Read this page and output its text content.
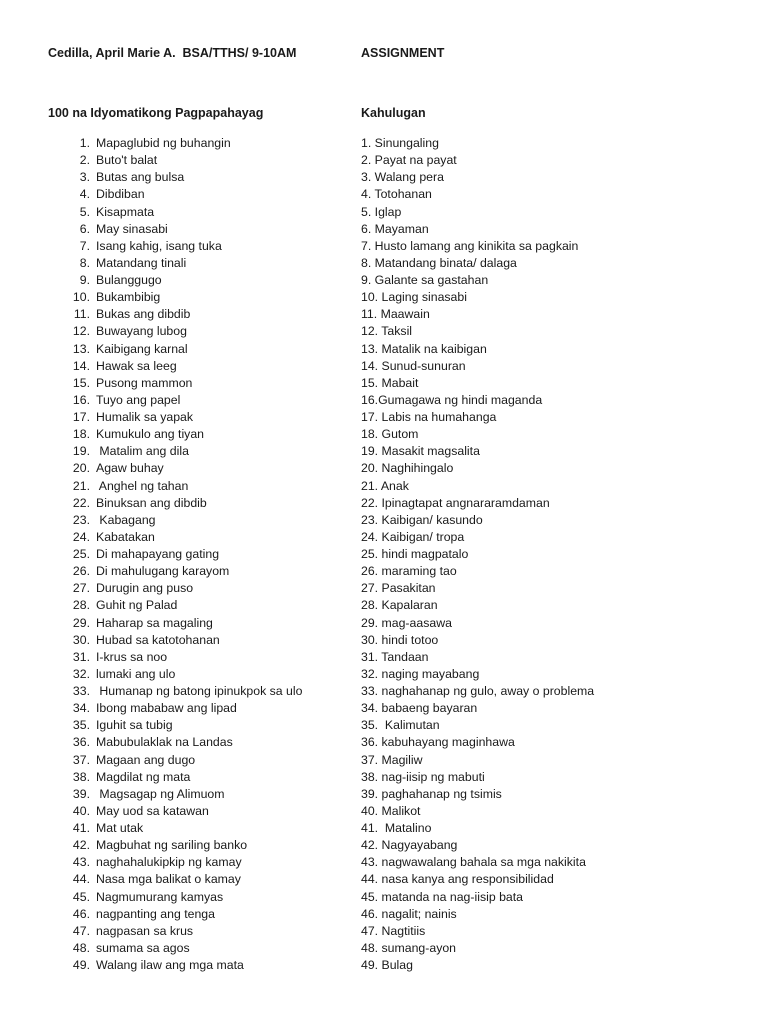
Cedilla, April Marie A.  BSA/TTHS/ 9-10AM	ASSIGNMENT
100 na Idyomatikong Pagpapahayag	Kahulugan
1. Mapaglubid ng buhangin
2. Buto't balat
3. Butas ang bulsa
4. Dibdiban
5. Kisapmata
6. May sinasabi
7. Isang kahig, isang tuka
8. Matandang tinali
9. Bulanggugo
10. Bukambibig
11. Bukas ang dibdib
12. Buwayang lubog
13. Kaibigang karnal
14. Hawak sa leeg
15. Pusong mammon
16. Tuyo ang papel
17. Humalik sa yapak
18. Kumukulo ang tiyan
19. Matalim ang dila
20. Agaw buhay
21. Anghel ng tahan
22. Binuksan ang dibdib
23. Kabagang
24. Kabatakan
25. Di mahapayang gating
26. Di mahulugang karayom
27. Durugin ang puso
28. Guhit ng Palad
29. Haharap sa magaling
30. Hubad sa katotohanan
31. I-krus sa noo
32. lumaki ang ulo
33. Humanap ng batong ipinukpok sa ulo
34. Ibong mababaw ang lipad
35. Iguhit sa tubig
36. Mabubulaklak na Landas
37. Magaan ang dugo
38. Magdilat ng mata
39. Magsagap ng Alimuom
40. May uod sa katawan
41. Mat utak
42. Magbuhat ng sariling banko
43. naghahalukipkip ng kamay
44. Nasa mga balikat o kamay
45. Nagmumurang kamyas
46. nagpanting ang tenga
47. nagpasan sa krus
48. sumama sa agos
49. Walang ilaw ang mga mata
1. Sinungaling
2. Payat na payat
3. Walang pera
4. Totohanan
5. Iglap
6. Mayaman
7. Husto lamang ang kinikita sa pagkain
8. Matandang binata/ dalaga
9. Galante sa gastahan
10. Laging sinasabi
11. Maawain
12. Taksil
13. Matalik na kaibigan
14. Sunud-sunuran
15. Mabait
16.Gumagawa ng hindi maganda
17. Labis na humahanga
18. Gutom
19. Masakit magsalita
20. Naghihingalo
21. Anak
22. Ipinagtapat angnararamdaman
23. Kaibigan/ kasundo
24. Kaibigan/ tropa
25. hindi magpatalo
26. maraming tao
27. Pasakitan
28. Kapalaran
29. mag-aasawa
30. hindi totoo
31. Tandaan
32. naging mayabang
33. naghahanap ng gulo, away o problema
34. babaeng bayaran
35.  Kalimutan
36. kabuhayang maginhawa
37. Magiliw
38. nag-iisip ng mabuti
39. paghahanap ng tsimis
40. Malikot
41.  Matalino
42. Nagyayabang
43. nagwawalang bahala sa mga nakikita
44. nasa kanya ang responsibilidad
45. matanda na nag-iisip bata
46. nagalit; nainis
47. Nagtitiis
48. sumang-ayon
49. Bulag
